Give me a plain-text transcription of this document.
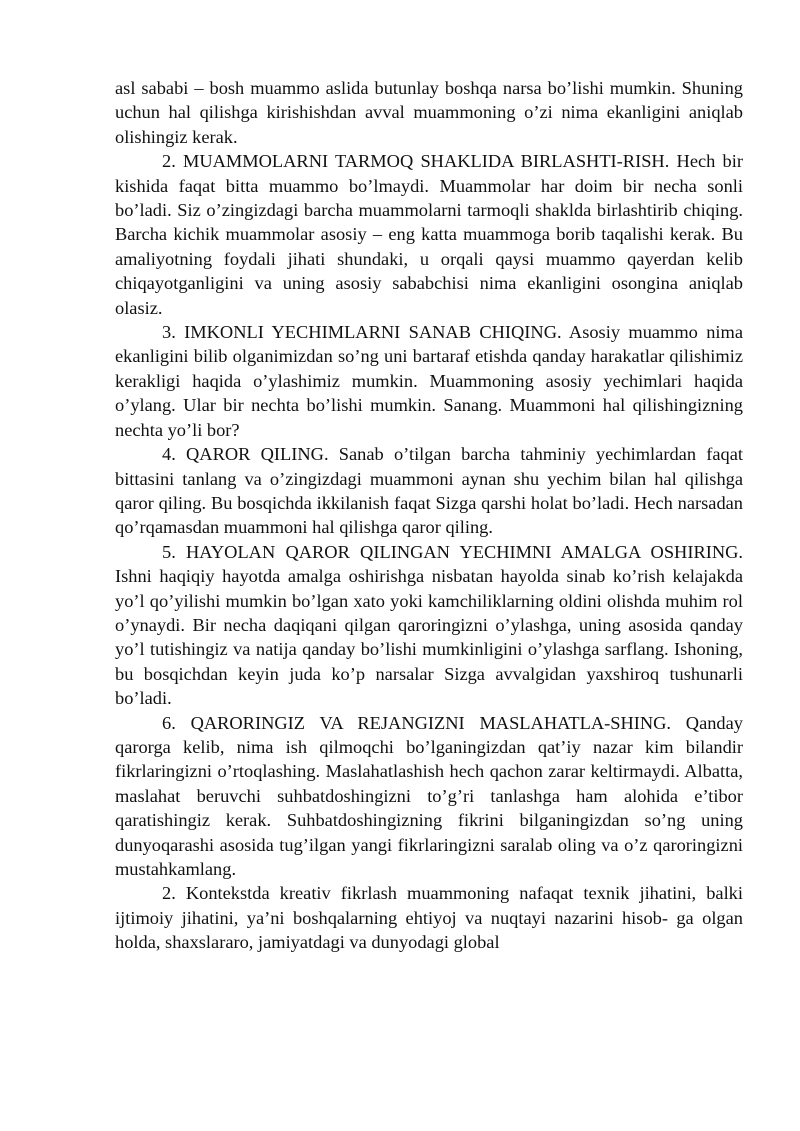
asl sababi – bosh muammo aslida butunlay boshqa narsa bo’lishi mumkin. Shuning uchun hal qilishga kirishishdan avval muammoning o’zi nima ekanligini aniqlab olishingiz kerak.

2. MUAMMOLARNI TARMOQ SHAKLIDA BIRLASHTI-RISH. Hech bir kishida faqat bitta muammo bo’lmaydi. Muammolar har doim bir necha sonli bo’ladi. Siz o’zingizdagi barcha muammolarni tarmoqli shaklda birlashtirib chiqing. Barcha kichik muammolar asosiy – eng katta muammoga borib taqalishi kerak. Bu amaliyotning foydali jihati shundaki, u orqali qaysi muammo qayerdan kelib chiqayotganligini va uning asosiy sababchisi nima ekanligini osongina aniqlab olasiz.

3. IMKONLI YECHIMLARNI SANAB CHIQING. Asosiy muammo nima ekanligini bilib olganimizdan so’ng uni bartaraf etishda qanday harakatlar qilishimiz kerakligi haqida o’ylashimiz mumkin. Muammoning asosiy yechimlari haqida o’ylang. Ular bir nechta bo’lishi mumkin. Sanang. Muammoni hal qilishingizning nechta yo’li bor?

4. QAROR QILING. Sanab o’tilgan barcha tahminiy yechimlardan faqat bittasini tanlang va o’zingizdagi muammoni aynan shu yechim bilan hal qilishga qaror qiling. Bu bosqichda ikkilanish faqat Sizga qarshi holat bo’ladi. Hech narsadan qo’rqamasdan muammoni hal qilishga qaror qiling.

5. HAYOLAN QAROR QILINGAN YECHIMNI AMALGA OSHIRING. Ishni haqiqiy hayotda amalga oshirishga nisbatan hayolda sinab ko’rish kelajakda yo’l qo’yilishi mumkin bo’lgan xato yoki kamchiliklarning oldini olishda muhim rol o’ynaydi. Bir necha daqiqani qilgan qaroringizni o’ylashga, uning asosida qanday yo’l tutishingiz va natija qanday bo’lishi mumkinligini o’ylashga sarflang. Ishoning, bu bosqichdan keyin juda ko’p narsalar Sizga avvalgidan yaxshiroq tushunarli bo’ladi.

6. QARORINGIZ VA REJANGIZNI MASLAHATLA-SHING. Qanday qarorga kelib, nima ish qilmoqchi bo’lganingizdan qat’iy nazar kim bilandir fikrlaringizni o’rtoqlashing. Maslahatlashish hech qachon zarar keltirmaydi. Albatta, maslahat beruvchi suhbatdoshingizni to’g’ri tanlashga ham alohida e’tibor qaratishingiz kerak. Suhbatdoshingizning fikrini bilganingizdan so’ng uning dunyoqarashi asosida tug’ilgan yangi fikrlaringizni saralab oling va o’z qaroringizni mustahkamlang.

2. Kontekstda kreativ fikrlash muammoning nafaqat texnik jihatini, balki ijtimoiy jihatini, ya’ni boshqalarning ehtiyoj va nuqtayi nazarini hisob- ga olgan holda, shaxslararo, jamiyatdagi va dunyodagi global
